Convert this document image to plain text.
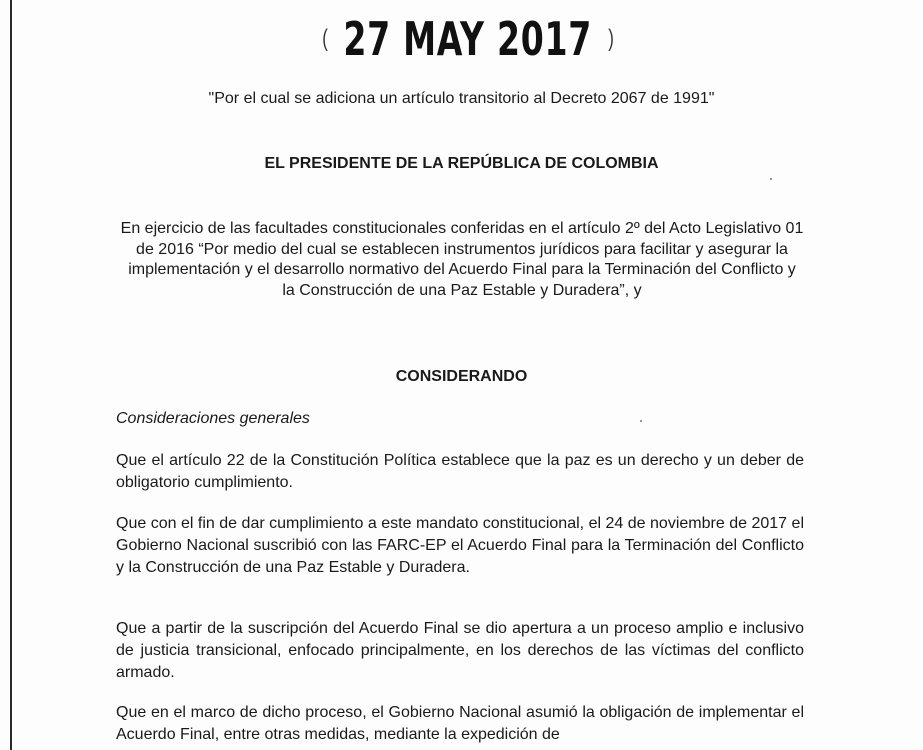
( 27 MAY 2017 )
"Por el cual se adiciona un artículo transitorio al Decreto 2067 de 1991"
EL PRESIDENTE DE LA REPÚBLICA DE COLOMBIA
En ejercicio de las facultades constitucionales conferidas en el artículo 2º del Acto Legislativo 01 de 2016 “Por medio del cual se establecen instrumentos jurídicos para facilitar y asegurar la implementación y el desarrollo normativo del Acuerdo Final para la Terminación del Conflicto y la Construcción de una Paz Estable y Duradera”, y
CONSIDERANDO
Consideraciones generales
Que el artículo 22 de la Constitución Política establece que la paz es un derecho y un deber de obligatorio cumplimiento.
Que con el fin de dar cumplimiento a este mandato constitucional, el 24 de noviembre de 2017 el Gobierno Nacional suscribió con las FARC-EP el Acuerdo Final para la Terminación del Conflicto y la Construcción de una Paz Estable y Duradera.
Que a partir de la suscripción del Acuerdo Final se dio apertura a un proceso amplio e inclusivo de justicia transicional, enfocado principalmente, en los derechos de las víctimas del conflicto armado.
Que en el marco de dicho proceso, el Gobierno Nacional asumió la obligación de implementar el Acuerdo Final, entre otras medidas, mediante la expedición de
